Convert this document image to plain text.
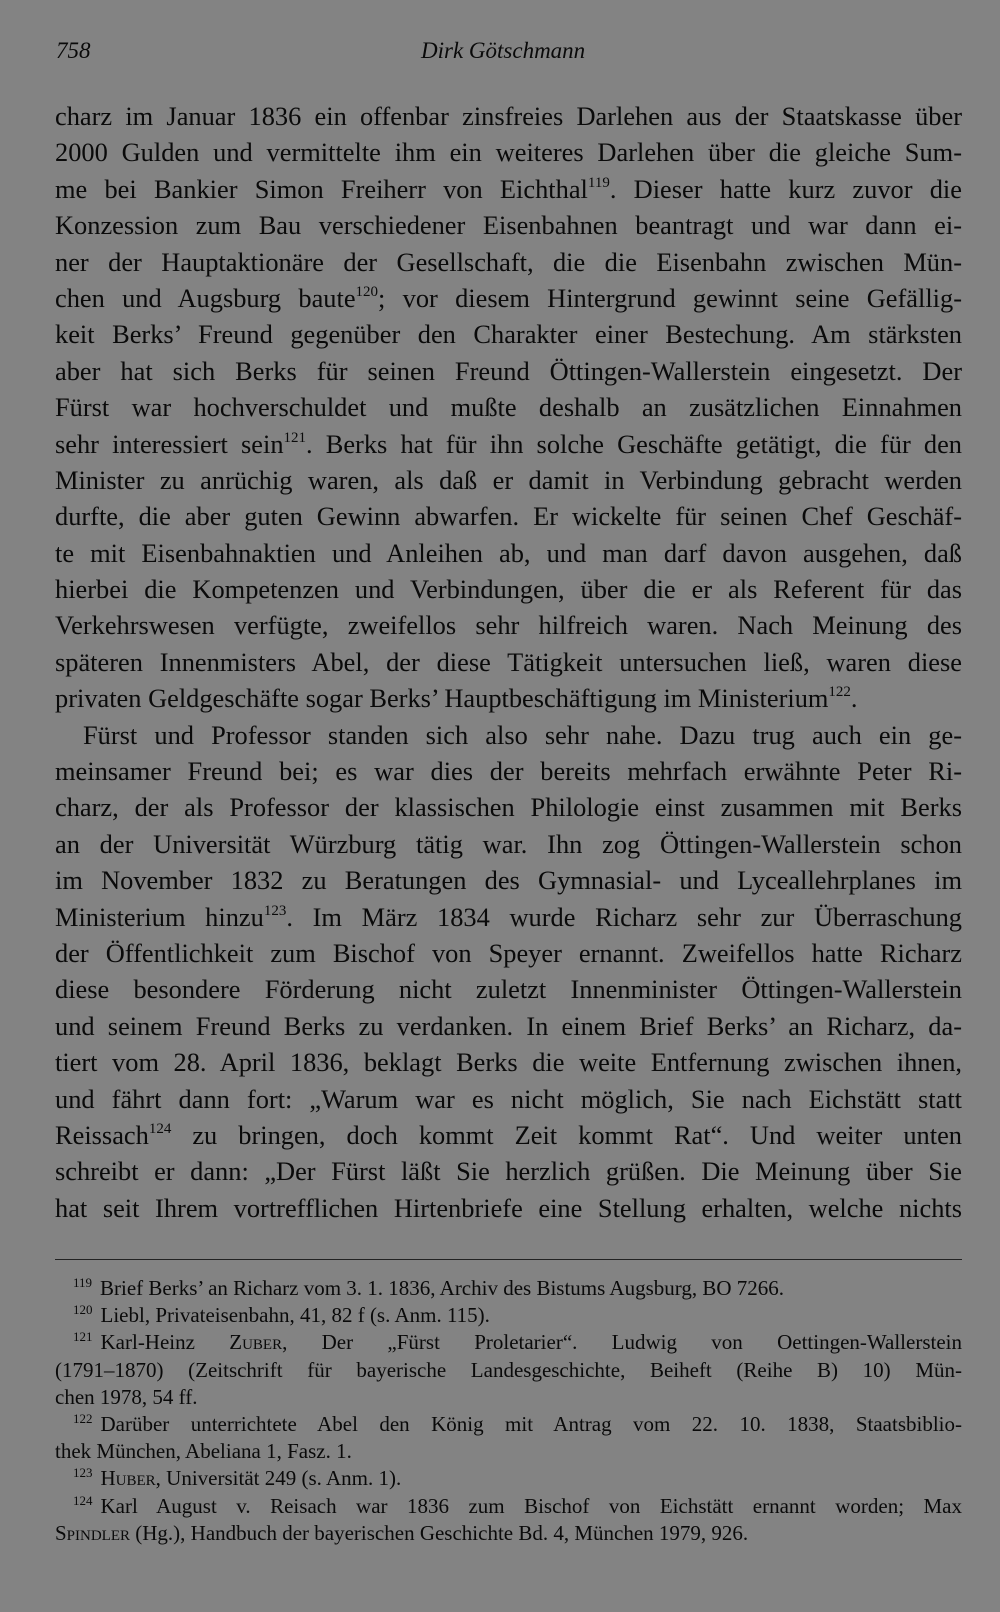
758	Dirk Götschmann
charz im Januar 1836 ein offenbar zinsfreies Darlehen aus der Staatskasse über
2000 Gulden und vermittelte ihm ein weiteres Darlehen über die gleiche Sum-
me bei Bankier Simon Freiherr von Eichthal$^{119}$. Dieser hatte kurz zuvor die
Konzession zum Bau verschiedener Eisenbahnen beantragt und war dann ei-
ner der Hauptaktionäre der Gesellschaft, die die Eisenbahn zwischen Mün-
chen und Augsburg baute$^{120}$; vor diesem Hintergrund gewinnt seine Gefällig-
keit Berks’ Freund gegenüber den Charakter einer Bestechung. Am stärksten
aber hat sich Berks für seinen Freund Öttingen-Wallerstein eingesetzt. Der
Fürst war hochverschuldet und mußte deshalb an zusätzlichen Einnahmen
sehr interessiert sein$^{121}$. Berks hat für ihn solche Geschäfte getätigt, die für den
Minister zu anrüchig waren, als daß er damit in Verbindung gebracht werden
durfte, die aber guten Gewinn abwarfen. Er wickelte für seinen Chef Geschäf-
te mit Eisenbahnaktien und Anleihen ab, und man darf davon ausgehen, daß
hierbei die Kompetenzen und Verbindungen, über die er als Referent für das
Verkehrswesen verfügte, zweifellos sehr hilfreich waren. Nach Meinung des
späteren Innenmisters Abel, der diese Tätigkeit untersuchen ließ, waren diese
privaten Geldgeschäfte sogar Berks’ Hauptbeschäftigung im Ministerium$^{122}$.
Fürst und Professor standen sich also sehr nahe. Dazu trug auch ein ge-
meinsamer Freund bei; es war dies der bereits mehrfach erwähnte Peter Ri-
charz, der als Professor der klassischen Philologie einst zusammen mit Berks
an der Universität Würzburg tätig war. Ihn zog Öttingen-Wallerstein schon
im November 1832 zu Beratungen des Gymnasial- und Lyceallehrplanes im
Ministerium hinzu$^{123}$. Im März 1834 wurde Richarz sehr zur Überraschung
der Öffentlichkeit zum Bischof von Speyer ernannt. Zweifellos hatte Richarz
diese besondere Förderung nicht zuletzt Innenminister Öttingen-Wallerstein
und seinem Freund Berks zu verdanken. In einem Brief Berks’ an Richarz, da-
tiert vom 28. April 1836, beklagt Berks die weite Entfernung zwischen ihnen,
und fährt dann fort: „Warum war es nicht möglich, Sie nach Eichstätt statt
Reissach$^{124}$ zu bringen, doch kommt Zeit kommt Rat“. Und weiter unten
schreibt er dann: „Der Fürst läßt Sie herzlich grüßen. Die Meinung über Sie
hat seit Ihrem vortrefflichen Hirtenbriefe eine Stellung erhalten, welche nichts
$^{119}$ Brief Berks’ an Richarz vom 3. 1. 1836, Archiv des Bistums Augsburg, BO 7266.
$^{120}$ Liebl, Privateisenbahn, 41, 82 f (s. Anm. 115).
$^{121}$ Karl-Heinz Zuber, Der „Fürst Proletarier“. Ludwig von Oettingen-Wallerstein
(1791–1870) (Zeitschrift für bayerische Landesgeschichte, Beiheft (Reihe B) 10) Mün-
chen 1978, 54 ff.
$^{122}$ Darüber unterrichtete Abel den König mit Antrag vom 22. 10. 1838, Staatsbiblio-
thek München, Abeliana 1, Fasz. 1.
$^{123}$ Huber, Universität 249 (s. Anm. 1).
$^{124}$ Karl August v. Reisach war 1836 zum Bischof von Eichstätt ernannt worden; Max
Spindler (Hg.), Handbuch der bayerischen Geschichte Bd. 4, München 1979, 926.
